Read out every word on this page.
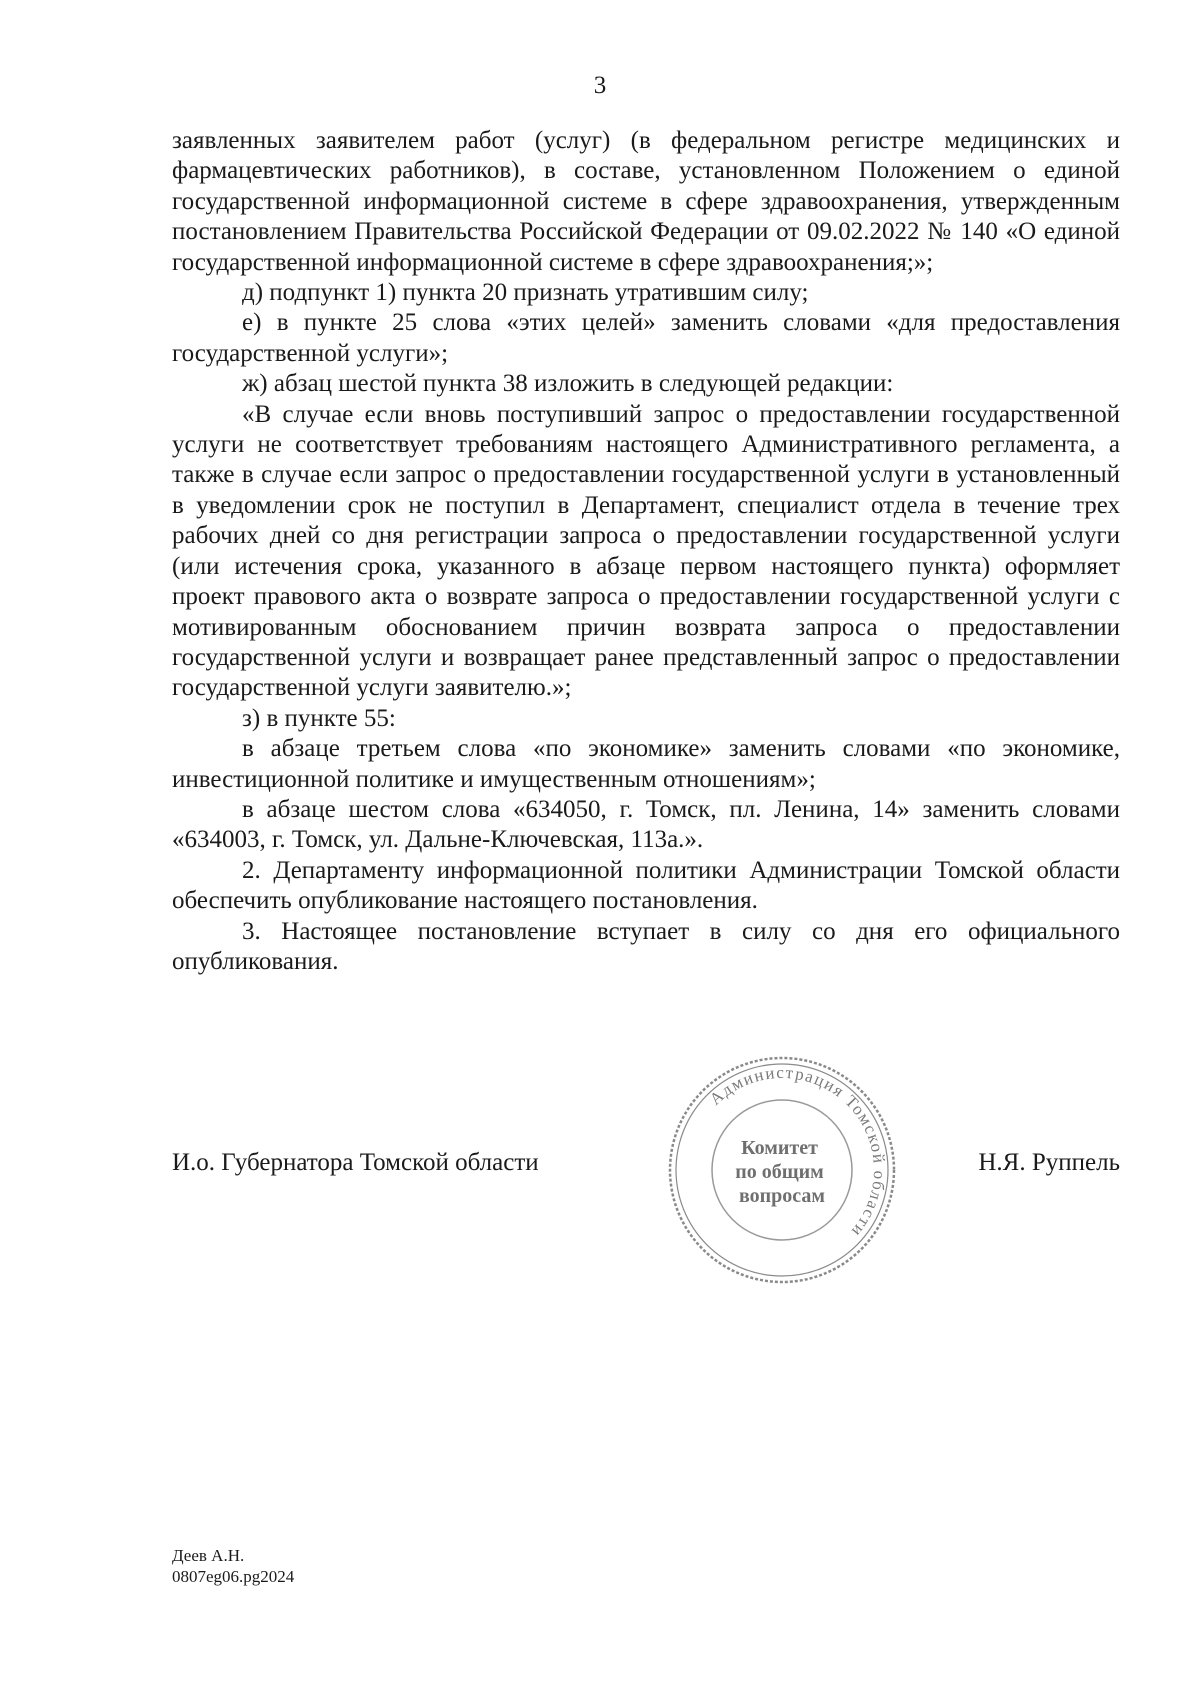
3

заявленных заявителем работ (услуг) (в федеральном регистре медицинских и фармацевтических работников), в составе, установленном Положением о единой государственной информационной системе в сфере здравоохранения, утвержденным постановлением Правительства Российской Федерации от 09.02.2022 № 140 «О единой государственной информационной системе в сфере здравоохранения;»;

д) подпункт 1) пункта 20 признать утратившим силу;

е) в пункте 25 слова «этих целей» заменить словами «для предоставления государственной услуги»;

ж) абзац шестой пункта 38 изложить в следующей редакции:

«В случае если вновь поступивший запрос о предоставлении государственной услуги не соответствует требованиям настоящего Административного регламента, а также в случае если запрос о предоставлении государственной услуги в установленный в уведомлении срок не поступил в Департамент, специалист отдела в течение трех рабочих дней со дня регистрации запроса о предоставлении государственной услуги (или истечения срока, указанного в абзаце первом настоящего пункта) оформляет проект правового акта о возврате запроса о предоставлении государственной услуги с мотивированным обоснованием причин возврата запроса о предоставлении государственной услуги и возвращает ранее представленный запрос о предоставлении государственной услуги заявителю.»;

з) в пункте 55:

в абзаце третьем слова «по экономике» заменить словами «по экономике, инвестиционной политике и имущественным отношениям»;

в абзаце шестом слова «634050, г. Томск, пл. Ленина, 14» заменить словами «634003, г. Томск, ул. Дальне-Ключевская, 113а.».

2. Департаменту информационной политики Администрации Томской области обеспечить опубликование настоящего постановления.

3. Настоящее постановление вступает в силу со дня его официального опубликования.

И.о. Губернатора Томской области	Н.Я. Руппель
Администрация Томской области
Комитет по общим вопросам
Деев А.Н.
0807eg06.pg2024
